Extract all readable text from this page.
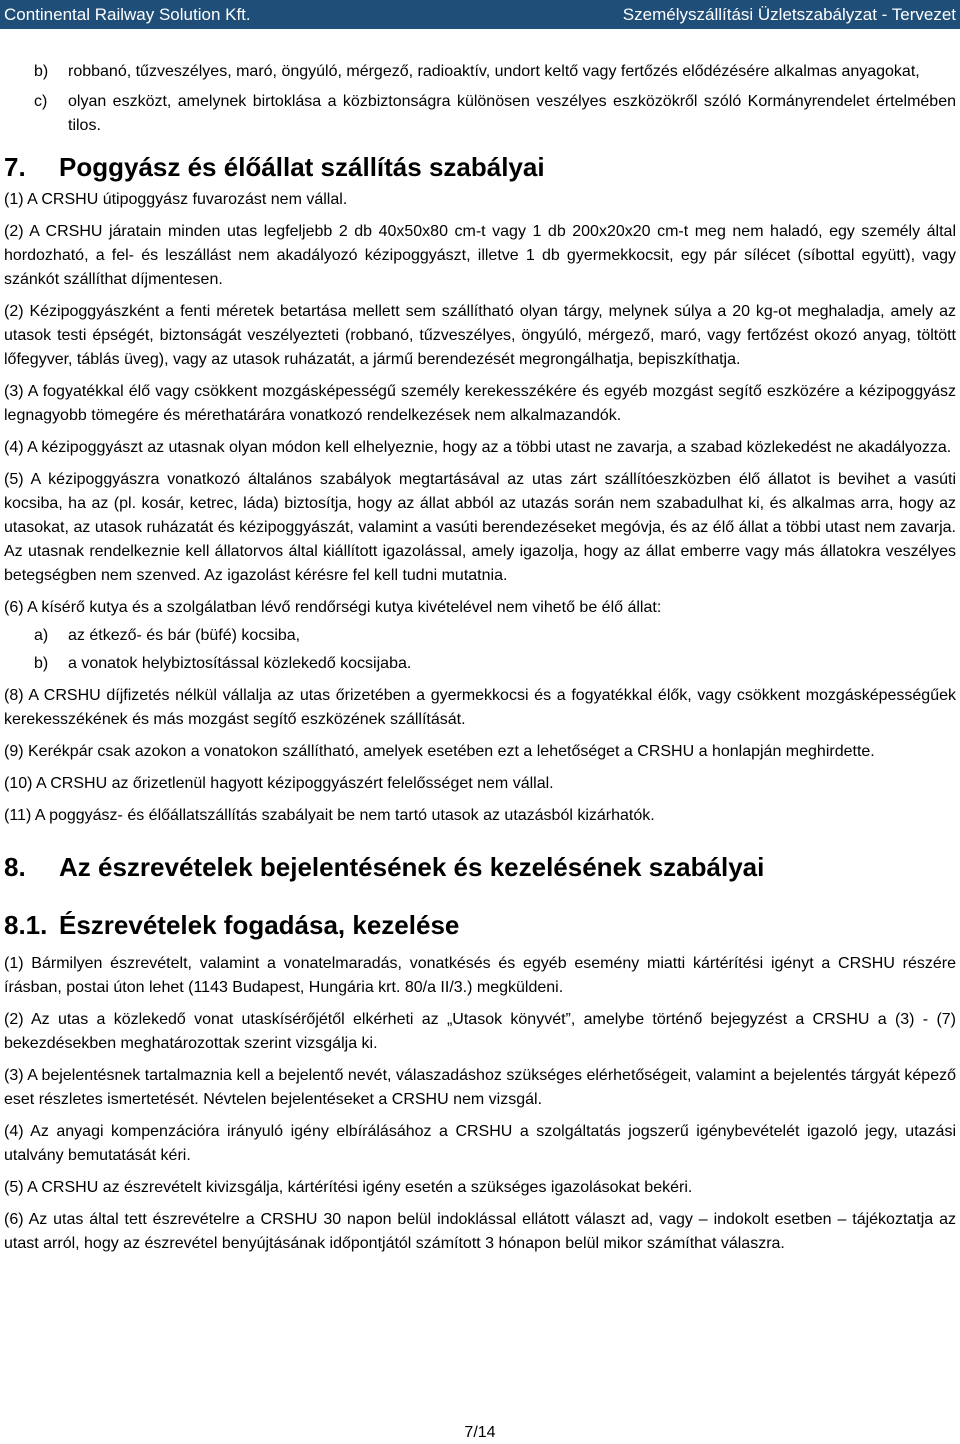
Continental Railway Solution Kft.	Személyszállítási Üzletszabályzat - Tervezet
b)	robbanó, tűzveszélyes, maró, öngyúló, mérgező, radioaktív, undort keltő vagy fertőzés elődézésére alkalmas anyagokat,
c)	olyan eszközt, amelynek birtoklása a közbiztonságra különösen veszélyes eszközökről szóló Kormányrendelet értelmében tilos.
7.	Poggyász és élőállat szállítás szabályai

(1) A CRSHU útipoggyász fuvarozást nem vállal.

(2) A CRSHU járatain minden utas legfeljebb 2 db 40x50x80 cm-t vagy 1 db 200x20x20 cm-t meg nem haladó, egy személy által hordozható, a fel- és leszállást nem akadályozó kézipoggyászt, illetve 1 db gyermekkocsit, egy pár sílécet (síbottal együtt), vagy szánkót szállíthat díjmentesen.

(2) Kézipoggyászként a fenti méretek betartása mellett sem szállítható olyan tárgy, melynek súlya a 20 kg-ot meghaladja, amely az utasok testi épségét, biztonságát veszélyezteti (robbanó, tűzveszélyes, öngyúló, mérgező, maró, vagy fertőzést okozó anyag, töltött lőfegyver, táblás üveg), vagy az utasok ruházatát, a jármű berendezését megrongálhatja, bepiszkíthatja.

(3) A fogyatékkal élő vagy csökkent mozgásképességű személy kerekesszékére és egyéb mozgást segítő eszközére a kézipoggyász legnagyobb tömegére és mérethatárára vonatkozó rendelkezések nem alkalmazandók.

(4) A kézipoggyászt az utasnak olyan módon kell elhelyeznie, hogy az a többi utast ne zavarja, a szabad közlekedést ne akadályozza.

(5) A kézipoggyászra vonatkozó általános szabályok megtartásával az utas zárt szállítóeszközben élő állatot is bevihet a vasúti kocsiba, ha az (pl. kosár, ketrec, láda) biztosítja, hogy az állat abból az utazás során nem szabadulhat ki, és alkalmas arra, hogy az utasokat, az utasok ruházatát és kézipoggyászát, valamint a vasúti berendezéseket megóvja, és az élő állat a többi utast nem zavarja. Az utasnak rendelkeznie kell állatorvos által kiállított igazolással, amely igazolja, hogy az állat emberre vagy más állatokra veszélyes betegségben nem szenved. Az igazolást kérésre fel kell tudni mutatnia.

(6) A kísérő kutya és a szolgálatban lévő rendőrségi kutya kivételével nem vihető be élő állat:

a)	az étkező- és bár (büfé) kocsiba,
b)	a vonatok helybiztosítással közlekedő kocsijaba.

(8) A CRSHU díjfizetés nélkül vállalja az utas őrizetében a gyermekkocsi és a fogyatékkal élők, vagy csökkent mozgásképességűek kerekesszékének és más mozgást segítő eszközének szállítását.

(9) Kerékpár csak azokon a vonatokon szállítható, amelyek esetében ezt a lehetőséget a CRSHU a honlapján meghirdette.

(10) A CRSHU az őrizetlenül hagyott kézipoggyászért felelősséget nem vállal.

(11) A poggyász- és élőállatszállítás szabályait be nem tartó utasok az utazásból kizárhatók.

8.	Az észrevételek bejelentésének és kezelésének szabályai
8.1. Észrevételek fogadása, kezelése

(1) Bármilyen észrevételt, valamint a vonatelmaradás, vonatkésés és egyéb esemény miatti kártérítési igényt a CRSHU részére írásban, postai úton lehet (1143 Budapest, Hungária krt. 80/a II/3.) megküldeni.

(2) Az utas a közlekedő vonat utaskísérőjétől elkérheti az „Utasok könyvét”, amelybe történő bejegyzést a CRSHU a (3) - (7) bekezdésekben meghatározottak szerint vizsgálja ki.

(3) A bejelentésnek tartalmaznia kell a bejelentő nevét, válaszadáshoz szükséges elérhetőségeit, valamint a bejelentés tárgyát képező eset részletes ismertetését. Névtelen bejelentéseket a CRSHU nem vizsgál.

(4) Az anyagi kompenzációra irányuló igény elbírálásához a CRSHU a szolgáltatás jogszerű igénybevételét igazoló jegy, utazási utalvány bemutatását kéri.

(5) A CRSHU az észrevételt kivizsgálja, kártérítési igény esetén a szükséges igazolásokat bekéri.

(6) Az utas által tett észrevételre a CRSHU 30 napon belül indoklással ellátott választ ad, vagy – indokolt esetben – tájékoztatja az utast arról, hogy az észrevétel benyújtásának időpontjától számított 3 hónapon belül mikor számíthat válaszra.

7/14
